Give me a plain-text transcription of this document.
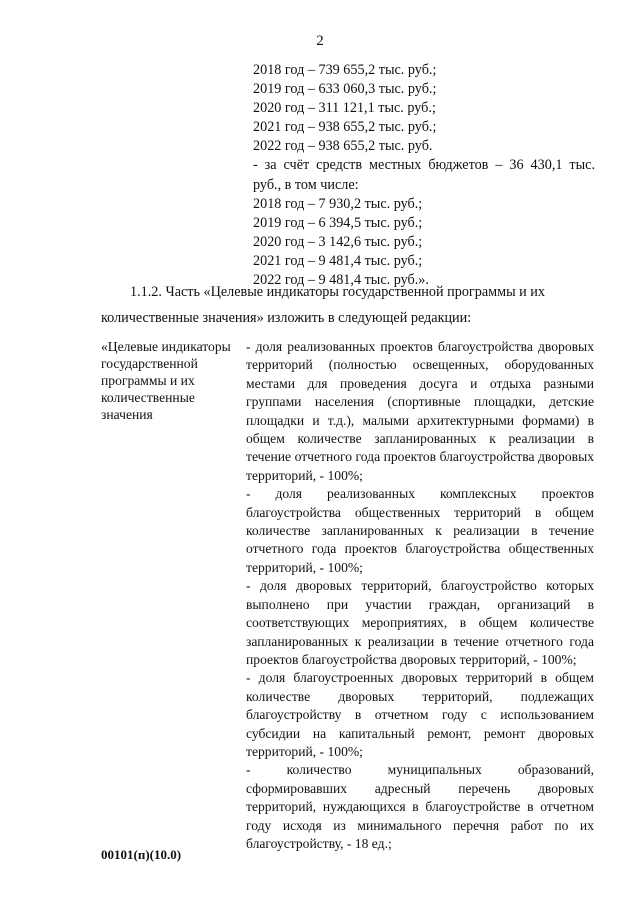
2
2018 год – 739 655,2 тыс. руб.;
2019 год – 633 060,3 тыс. руб.;
2020 год – 311 121,1 тыс. руб.;
2021 год – 938 655,2 тыс. руб.;
2022 год – 938 655,2 тыс. руб.
- за счёт средств местных бюджетов – 36 430,1 тыс. руб., в том числе:
2018 год – 7 930,2 тыс. руб.;
2019 год – 6 394,5 тыс. руб.;
2020 год – 3 142,6 тыс. руб.;
2021 год – 9 481,4 тыс. руб.;
2022 год – 9 481,4 тыс. руб.».
1.1.2. Часть «Целевые индикаторы государственной программы и их
количественные значения» изложить в следующей редакции:
«Целевые индикаторы государственной программы и их количественные значения
- доля реализованных проектов благоустройства дворовых территорий (полностью освещенных, оборудованных местами для проведения досуга и отдыха разными группами населения (спортивные площадки, детские площадки и т.д.), малыми архитектурными формами) в общем количестве запланированных к реализации в течение отчетного года проектов благоустройства дворовых территорий, - 100%;
- доля реализованных комплексных проектов благоустройства общественных территорий в общем количестве запланированных к реализации в течение отчетного года проектов благоустройства общественных территорий, - 100%;
- доля дворовых территорий, благоустройство которых выполнено при участии граждан, организаций в соответствующих мероприятиях, в общем количестве запланированных к реализации в течение отчетного года проектов благоустройства дворовых территорий, - 100%;
- доля благоустроенных дворовых территорий в общем количестве дворовых территорий, подлежащих благоустройству в отчетном году с использованием субсидии на капитальный ремонт, ремонт дворовых территорий, - 100%;
- количество муниципальных образований, сформировавших адресный перечень дворовых территорий, нуждающихся в благоустройстве в отчетном году исходя из минимального перечня работ по их благоустройству, - 18 ед.;
00101(п)(10.0)
